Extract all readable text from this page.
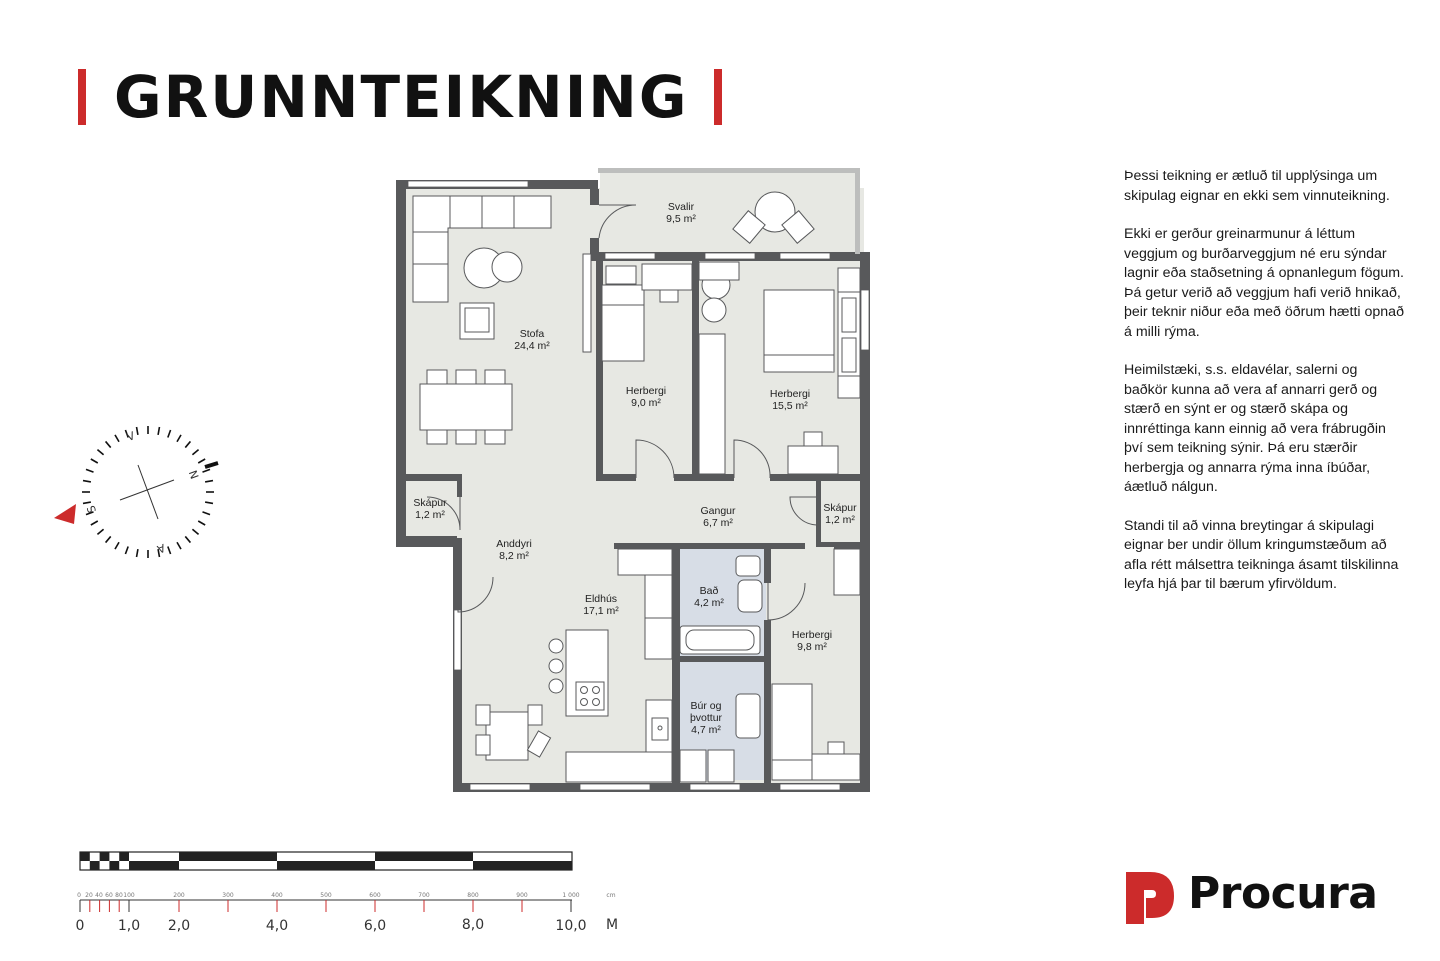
GRUNNTEIKNING
Svalir
9,5 m²
Stofa
24,4 m²
Herbergi
9,0 m²
Herbergi
15,5 m²
Skápur
1,2 m²	Gangur
6,7 m²
Skápur
1,2 m²
Anddyri
8,2 m²
Bað
4,2 m²
Eldhús
17,1 m²
Herbergi
9,8 m²
Búr og
þvottur
4,7 m²
V
N
S
A
0 20 40 60 80 100	200	300	400	500	600	700	800	900	1 000	cm
0 1,0 2,0	4,0	6,0	8,0	10,0 M

Þessi teikning er ætluð til upplýsinga um skipulag eignar en ekki sem vinnuteikning.

Ekki er gerður greinarmunur á léttum veggjum og burðarveggjum né eru sýndar lagnir eða staðsetning á opnanlegum fögum. Þá getur verið að veggjum hafi verið hnikað, þeir teknir niður eða með öðrum hætti opnað á milli rýma.

Heimilstæki, s.s. eldavélar, salerni og baðkör kunna að vera af annarri gerð og stærð en sýnt er og stærð skápa og innréttinga kann einnig að vera frábrugðin því sem teikning sýnir. Þá eru stærðir herbergja og annarra rýma inna íbúðar, áætluð nálgun.

Standi til að vinna breytingar á skipulagi eignar ber undir öllum kringumstæðum að afla rétt málsettra teikninga ásamt tilskilinna leyfa hjá þar til bærum yfirvöldum.

Procura
